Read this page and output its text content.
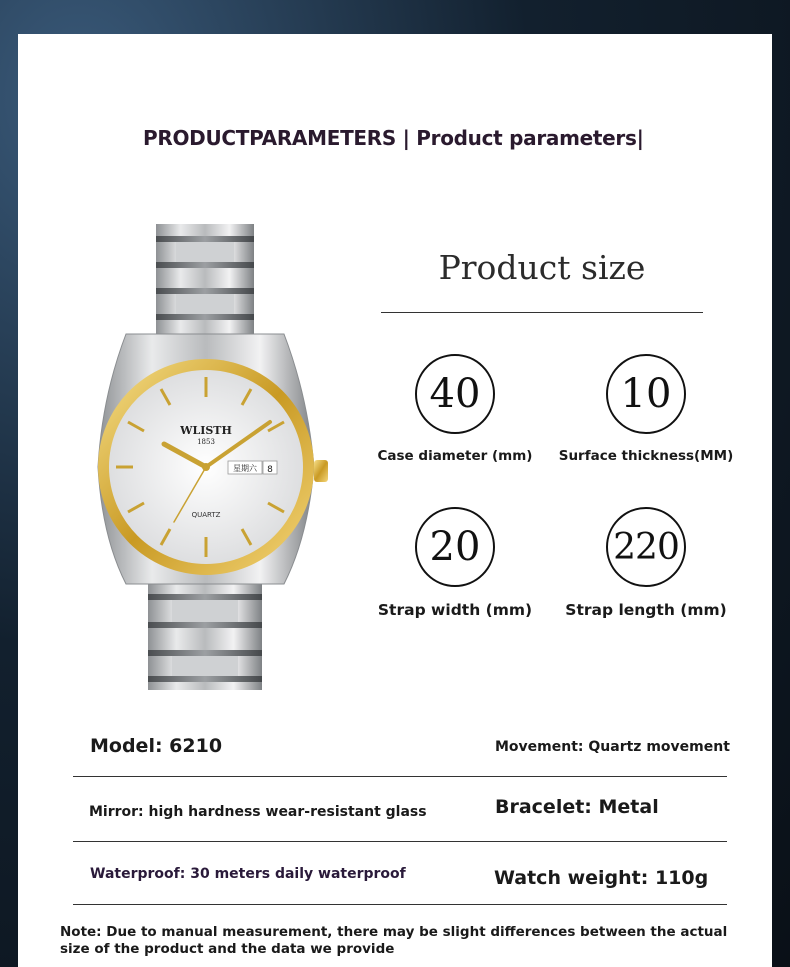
PRODUCTPARAMETERS | Product parameters|
星期六 8
WLISTH
1853
QUARTZ
Product size
40
Case diameter (mm)
10
Surface thickness(MM)
20
Strap width (mm)
220
Strap length (mm)
Model: 6210	Movement: Quartz movement
Mirror: high hardness wear-resistant glass	Bracelet: Metal
Waterproof: 30 meters daily waterproof	Watch weight: 110g
Note: Due to manual measurement, there may be slight differences between the actual size of the product and the data we provide
